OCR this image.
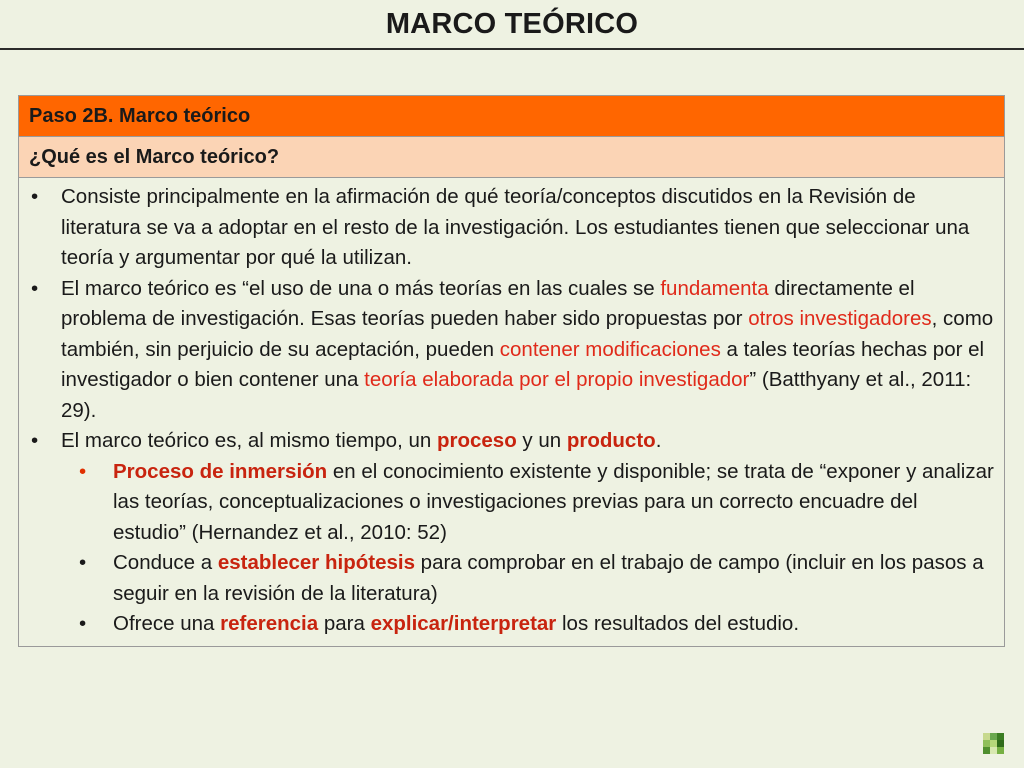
MARCO TEÓRICO
Paso 2B. Marco teórico
¿Qué es el Marco teórico?

• Consiste principalmente en la afirmación de qué teoría/conceptos discutidos en la Revisión de literatura se va a adoptar en el resto de la investigación. Los estudiantes tienen que seleccionar una teoría y argumentar por qué la utilizan.
• El marco teórico es “el uso de una o más teorías en las cuales se fundamenta directamente el problema de investigación. Esas teorías pueden haber sido propuestas por otros investigadores, como también, sin perjuicio de su aceptación, pueden contener modificaciones a tales teorías hechas por el investigador o bien contener una teoría elaborada por el propio investigador” (Batthyany et al., 2011: 29).
• El marco teórico es, al mismo tiempo, un proceso y un producto.
• Proceso de inmersión en el conocimiento existente y disponible; se trata de “exponer y analizar las teorías, conceptualizaciones o investigaciones previas para un correcto encuadre del estudio” (Hernandez et al., 2010: 52)
• Conduce a establecer hipótesis para comprobar en el trabajo de campo (incluir en los pasos a seguir en la revisión de la literatura)
• Ofrece una referencia para explicar/interpretar los resultados del estudio.
